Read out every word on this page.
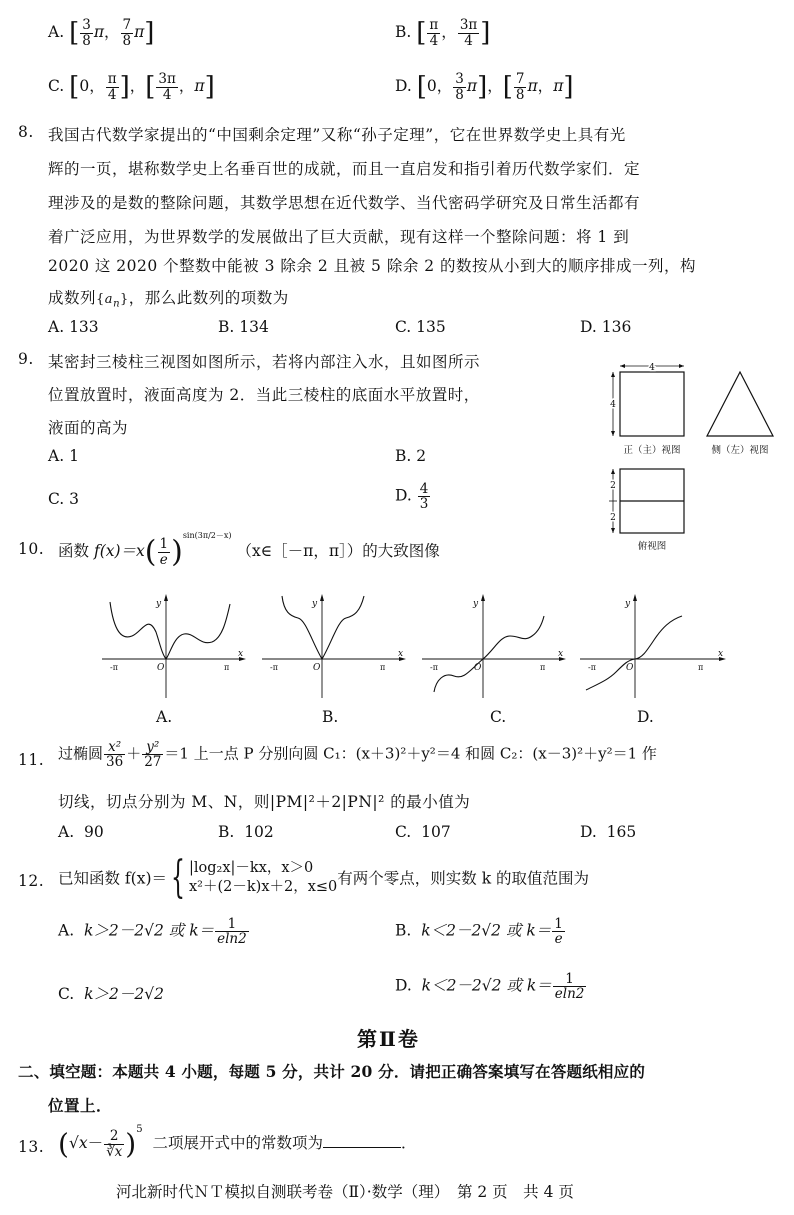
A. [ $\frac{3}{8}$ π， $\frac{7}{8} \pi$]	B. [ $\frac{\pi}{4}$ ， $\frac{3\pi}{4}$ ]
C. [0， $\frac{\pi}{4}$ ]，[ $\frac{3\pi}{4}$ ，π]	D. [0， $\frac{3}{8} \pi$]，[ $\frac{7}{8}$ π，π]
8. 我国古代数学家提出的“中国剩余定理”又称“孙子定理”，它在世界数学史上具有光
辉的一页，堪称数学史上名垂百世的成就，而且一直启发和指引着历代数学家们．定
理涉及的是数的整除问题，其数学思想在近代数学、当代密码学研究及日常生活都有
着广泛应用，为世界数学的发展做出了巨大贡献，现有这样一个整除问题：将 1 到
2020 这 2020 个整数中能被 3 除余 2 且被 5 除余 2 的数按从小到大的顺序排成一列，构
成数列$\{a_n\}$，那么此数列的项数为
A. 133	B. 134	C. 135	D. 136
9. 某密封三棱柱三视图如图所示，若将内部注入水，且如图所示
位置放置时，液面高度为 2．当此三棱柱的底面水平放置时，
液面的高为
A. 1	B. 2
C. 3	D. $\frac{4}{3}$
4
4
正（主）视图	侧（左）视图
2
2
俯视图
10. 函数 $f(x)=x( \frac{1}{e} )^{sin(3\pi/2-x)}$ （x∈［－π，π］）的大致图像
y
x
O
-π	π
y
x
O
-π	π
y
x
O
-π	π
y
x
O
-π	π
A.	B.	C.	D.
11. 过椭圆 $\frac{\text{x²}}{36} + \frac{\text{y²}}{27} =1$ 上一点 P 分别向圆 C₁：(x＋3)²＋y²＝4 和圆 C₂：(x－3)²＋y²＝1 作
切线，切点分别为 M、N，则|PM|²＋2|PN|² 的最小值为
A. 90	B. 102	C. 107	D. 165
12. 已知函数 f(x)＝{ |log₂x|－kx，x＞0
x²＋(2－k)x＋2，x≤0 有两个零点，则实数 k 的取值范围为
A. k＞2－2√2 或 $k= \frac{1}{eln2}$	B. k＜2－2√2 或 $k= \frac{1}{e}$
C. k＞2－2√2	D. k＜2－2√2 或 $k= \frac{1}{eln2}$
第Ⅱ卷
二、填空题：本题共 4 小题，每题 5 分，共计 20 分．请把正确答案填写在答题纸相应的
位置上．
13. $(√x- \frac{2}{∛x} )^5$  二项展开式中的常数项为	．
河北新时代ＮＴ模拟自测联考卷（Ⅱ）·数学（理）　第 2 页　共 4 页
